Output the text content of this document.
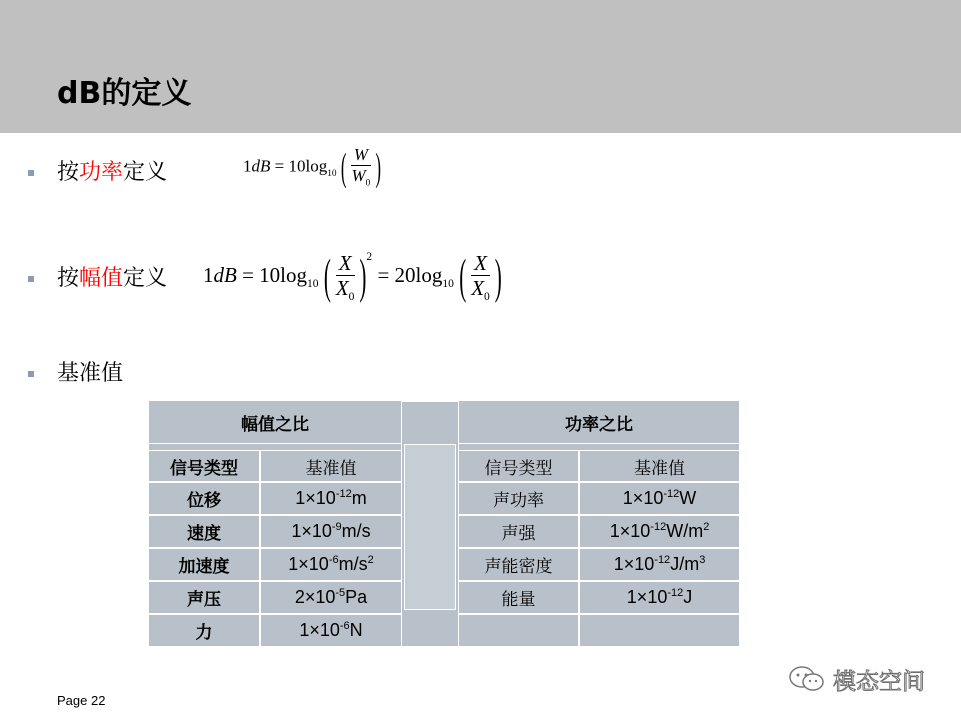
dB的定义
按功率定义	$1dB = 10\log_{10}$ ( $\frac{W}{W_0}$ )
按幅值定义 $1dB = 10\log_{10}$ ( $\frac{X}{X_0} )^2 = 20\log_{10}$ ( $\frac{X}{X_0}$ )
基准值
幅值之比	

信号类型	基准值
位移	$1\times 10^{-12}m$
速度	$1\times 10^{-9}m/s$
加速度	$1\times 10^{-6}m/s^2$
声压	$2\times 10^{-5}Pa$
力	$1\times 10^{-6}N$
功率之比	

信号类型	基准值
声功率	$1\times 10^{-12}W$
声强	$1\times 10^{-12}W/m^2$
声能密度	$1\times 10^{-12}J/m^3$
能量	$1\times 10^{-12}J$

Page 22
模态空间
